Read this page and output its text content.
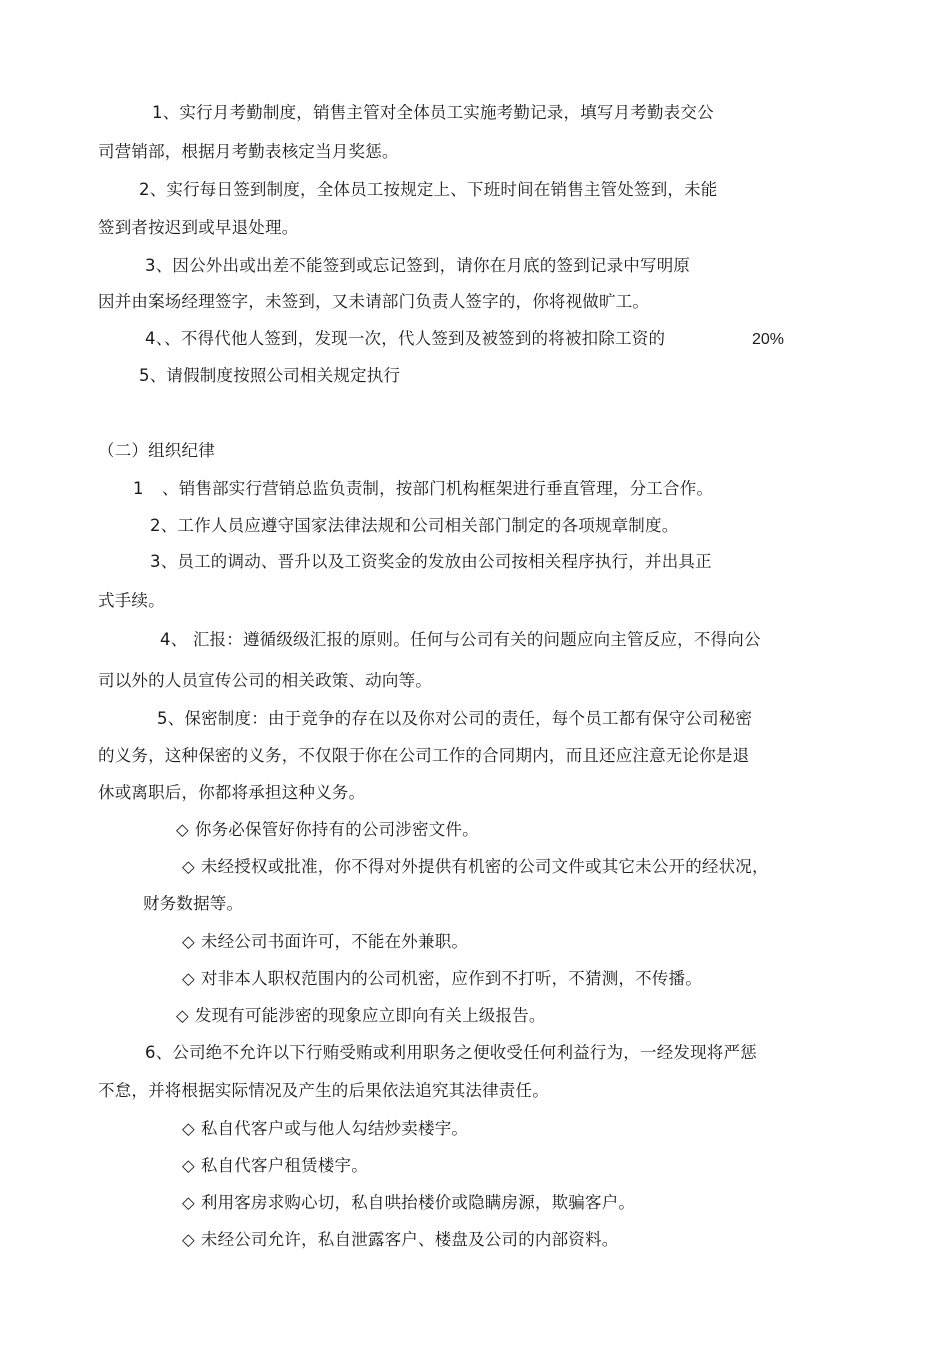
1、实行月考勤制度，销售主管对全体员工实施考勤记录，填写月考勤表交公
司营销部，根据月考勤表核定当月奖惩。
2、实行每日签到制度，全体员工按规定上、下班时间在销售主管处签到，未能
签到者按迟到或早退处理。
3、因公外出或出差不能签到或忘记签到，请你在月底的签到记录中写明原
因并由案场经理签字，未签到，又未请部门负责人签字的，你将视做旷工。
4、、不得代他人签到，发现一次，代人签到及被签到的将被扣除工资的	20%
5、请假制度按照公司相关规定执行
（二）组织纪律
1 、销售部实行营销总监负责制，按部门机构框架进行垂直管理，分工合作。
2、工作人员应遵守国家法律法规和公司相关部门制定的各项规章制度。
3、员工的调动、晋升以及工资奖金的发放由公司按相关程序执行，并出具正
式手续。
4、 汇报：遵循级级汇报的原则。任何与公司有关的问题应向主管反应，不得向公
司以外的人员宣传公司的相关政策、动向等。
5、保密制度：由于竞争的存在以及你对公司的责任，每个员工都有保守公司秘密
的义务，这种保密的义务，不仅限于你在公司工作的合同期内，而且还应注意无论你是退
休或离职后，你都将承担这种义务。
◇ 你务必保管好你持有的公司涉密文件。
◇ 未经授权或批准，你不得对外提供有机密的公司文件或其它未公开的经状况，
财务数据等。
◇ 未经公司书面许可，不能在外兼职。
◇ 对非本人职权范围内的公司机密，应作到不打听，不猜测，不传播。
◇ 发现有可能涉密的现象应立即向有关上级报告。
6、公司绝不允许以下行贿受贿或利用职务之便收受任何利益行为，一经发现将严惩
不怠，并将根据实际情况及产生的后果依法追究其法律责任。
◇ 私自代客户或与他人勾结炒卖楼宇。
◇ 私自代客户租赁楼宇。
◇ 利用客房求购心切，私自哄抬楼价或隐瞒房源，欺骗客户。
◇ 未经公司允许，私自泄露客户、楼盘及公司的内部资料。
